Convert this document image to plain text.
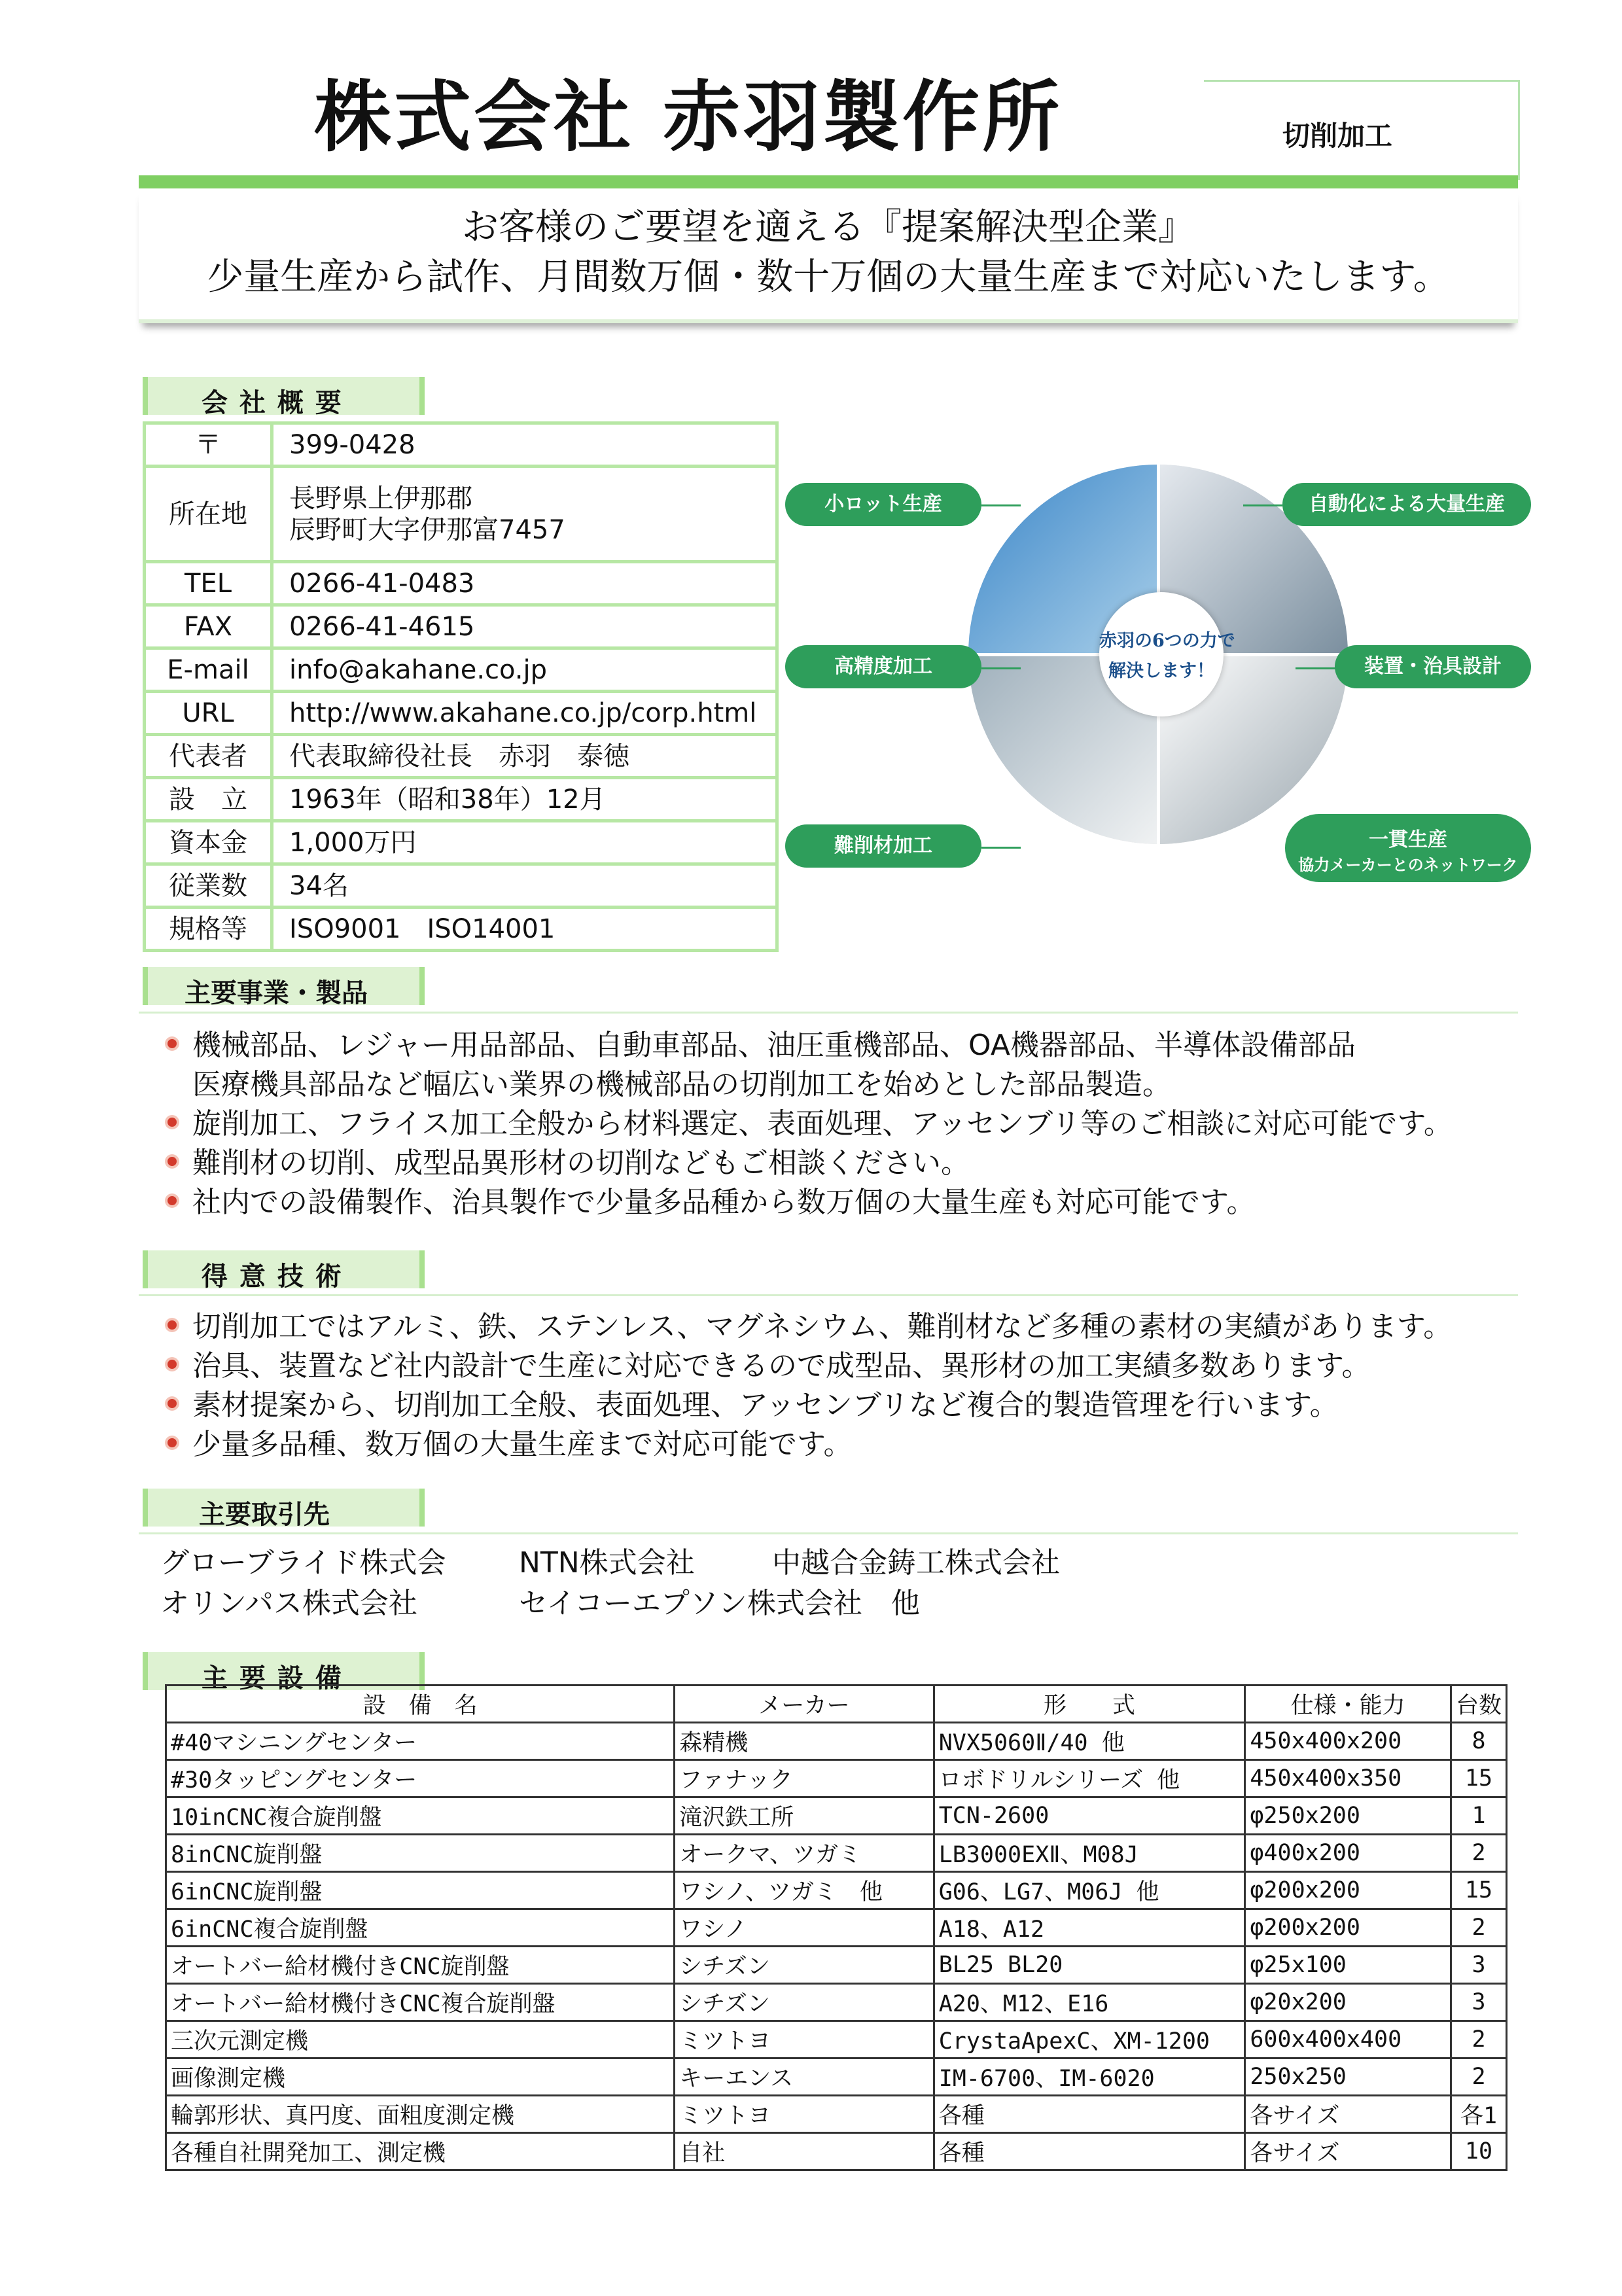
株式会社 赤羽製作所	切削加工
お客様のご要望を適える『提案解決型企業』
少量生産から試作、月間数万個・数十万個の大量生産まで対応いたします。
会 社 概 要
〒	399-0428
所在地	長野県上伊那郡
辰野町大字伊那富7457

TEL	0266-41-0483
FAX	0266-41-4615
E-mail	info@akahane.co.jp
URL	http://www.akahane.co.jp/corp.html
代表者	代表取締役社長　赤羽　泰徳
設　立	1963年（昭和38年）12月
資本金	1,000万円
従業数	34名
規格等	ISO9001　ISO14001
赤羽の6つの力で
解決します！
小ロット生産	自動化による大量生産
高精度加工	装置・治具設計
難削材加工	一貫生産
協力メーカーとのネットワーク
主要事業・製品
機械部品、レジャー用品部品、自動車部品、油圧重機部品、OA機器部品、半導体設備部品
医療機具部品など幅広い業界の機械部品の切削加工を始めとした部品製造。
旋削加工、フライス加工全般から材料選定、表面処理、アッセンブリ等のご相談に対応可能です。
難削材の切削、成型品異形材の切削などもご相談ください。
社内での設備製作、治具製作で少量多品種から数万個の大量生産も対応可能です。
得 意 技 術
切削加工ではアルミ、鉄、ステンレス、マグネシウム、難削材など多種の素材の実績があります。
治具、装置など社内設計で生産に対応できるので成型品、異形材の加工実績多数あります。
素材提案から、切削加工全般、表面処理、アッセンブリなど複合的製造管理を行います。
少量多品種、数万個の大量生産まで対応可能です。
主要取引先
グローブライド株式会	NTN株式会社	中越合金鋳工株式会社
オリンパス株式会社	セイコーエプソン株式会社　他
主 要 設 備
設　備　名	メーカー	形　　式	仕様・能力	台数
#40マシニングセンター	森精機	NVX5060Ⅱ/40 他	450x400x200	8
#30タッピングセンター	ファナック	ロボドリルシリーズ 他	450x400x350	15
10inCNC複合旋削盤	滝沢鉄工所	TCN-2600	φ250x200	1
8inCNC旋削盤	オークマ、ツガミ	LB3000EXⅡ、M08J	φ400x200	2
6inCNC旋削盤	ワシノ、ツガミ　他	G06、LG7、M06J 他	φ200x200	15
6inCNC複合旋削盤	ワシノ	A18、A12	φ200x200	2
オートバー給材機付きCNC旋削盤	シチズン	BL25 BL20	φ25x100	3
オートバー給材機付きCNC複合旋削盤	シチズン	A20、M12、E16	φ20x200	3
三次元測定機	ミツトヨ	CrystaApexC、XM-1200	600x400x400	2
画像測定機	キーエンス	IM-6700、IM-6020	250x250	2
輪郭形状、真円度、面粗度測定機	ミツトヨ	各種	各サイズ	各1
各種自社開発加工、測定機	自社	各種	各サイズ	10
